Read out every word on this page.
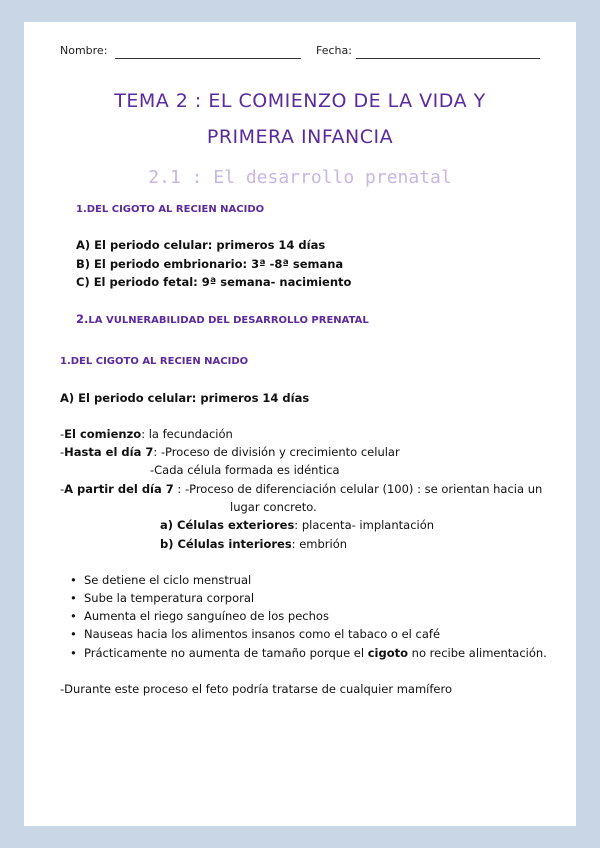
Nombre:	Fecha:
TEMA 2 : EL COMIENZO DE LA VIDA Y
PRIMERA INFANCIA
2.1 : El desarrollo prenatal
1.DEL CIGOTO AL RECIEN NACIDO
A) El periodo celular: primeros 14 días
B) El periodo embrionario: 3ª -8ª semana
C) El periodo fetal: 9ª semana- nacimiento
2.LA VULNERABILIDAD DEL DESARROLLO PRENATAL
1.DEL CIGOTO AL RECIEN NACIDO
A) El periodo celular: primeros 14 días
-El comienzo: la fecundación
-Hasta el día 7: -Proceso de división y crecimiento celular
-Cada célula formada es idéntica
-A partir del día 7 : -Proceso de diferenciación celular (100) : se orientan hacia un
lugar concreto.
a) Células exteriores: placenta- implantación
b) Células interiores: embrión
• Se detiene el ciclo menstrual
• Sube la temperatura corporal
• Aumenta el riego sanguíneo de los pechos
• Nauseas hacia los alimentos insanos como el tabaco o el café
• Prácticamente no aumenta de tamaño porque el cigoto no recibe alimentación.
-Durante este proceso el feto podría tratarse de cualquier mamífero
